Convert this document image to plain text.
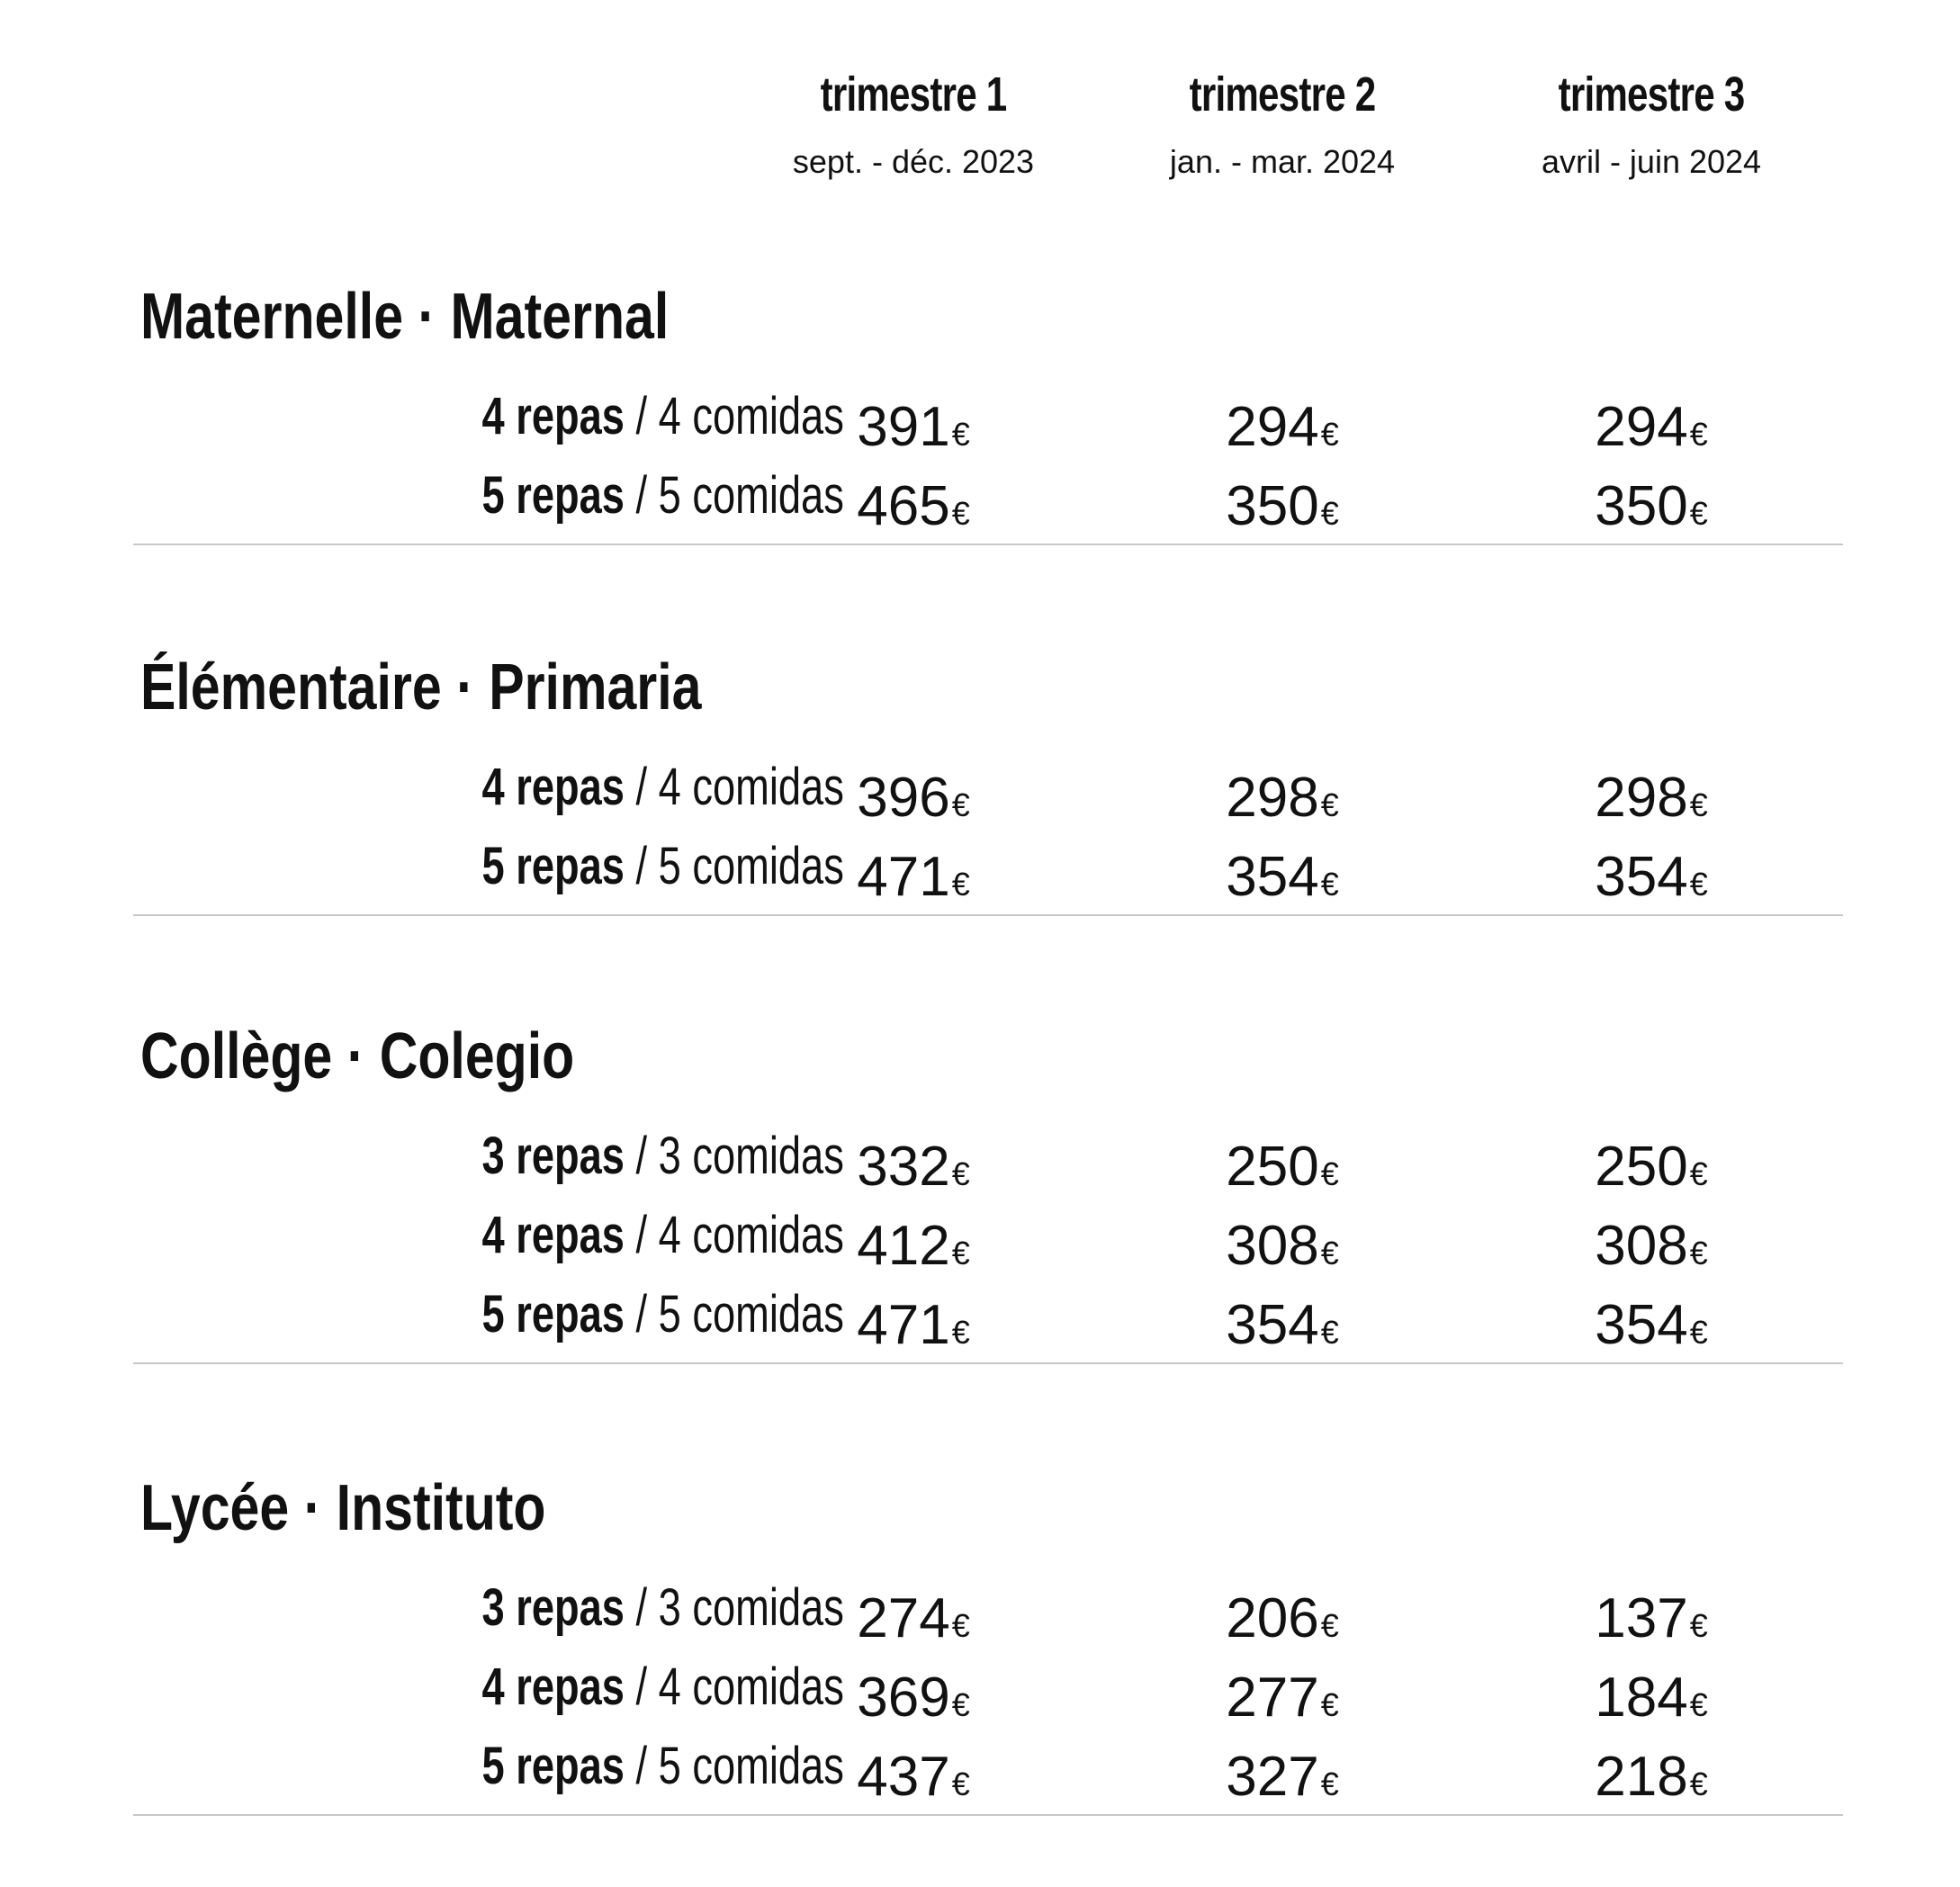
trimestre 1
sept. - déc. 2023
trimestre 2
jan. - mar. 2024
trimestre 3
avril - juin 2024
Maternelle · Maternal
4 repas / 4 comidas 391€	294€	294€
5 repas / 5 comidas 465€	350€	350€
Élémentaire · Primaria
4 repas / 4 comidas 396€	298€	298€
5 repas / 5 comidas 471€	354€	354€
Collège · Colegio
3 repas / 3 comidas 332€	250€	250€
4 repas / 4 comidas 412€	308€	308€
5 repas / 5 comidas 471€	354€	354€
Lycée · Instituto
3 repas / 3 comidas 274€	206€	137€
4 repas / 4 comidas 369€	277€	184€
5 repas / 5 comidas 437€	327€	218€
